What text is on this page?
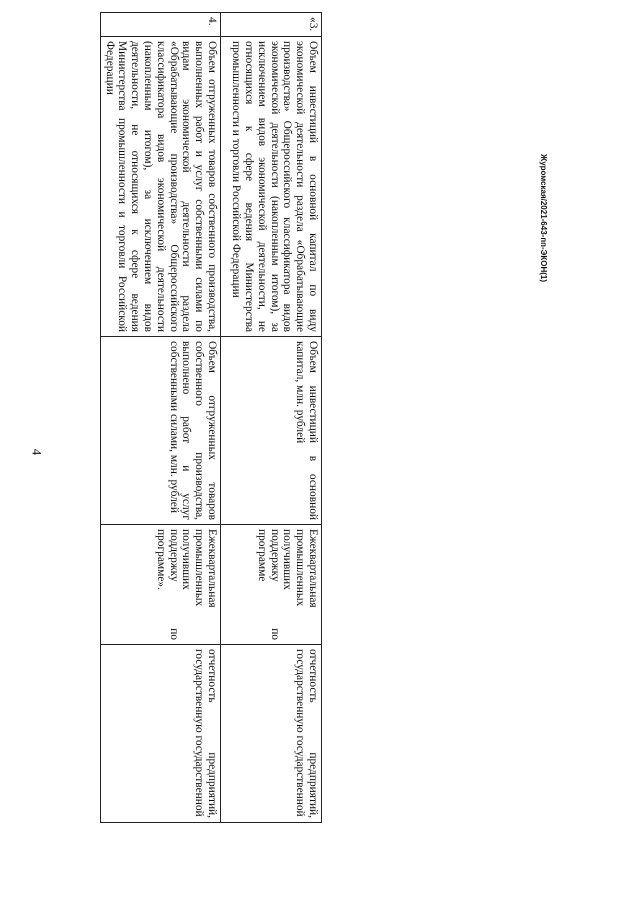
4
Журомская/2021-643-пп-ЭКОН(1)
«3.	Объем инвестиций в основной капитал по виду экономической деятельности раздела «Обрабатывающие производства» Общероссийского классификатора видов экономической деятельности (накопленным итогом), за исключением видов экономической деятельности, не относящихся к сфере ведения Министерства промышленности и торговли Российской Федерации	Объем инвестиций в основной капитал, млн. рублей	Ежеквартальная промышленных получивших поддержку по программе	отчетность предприятий, государственную государственной
4.	Объем отгруженных товаров собственного производства, выполненных работ и услуг собственными силами по видам экономической деятельности раздела «Обрабатывающие производства» Общероссийского классификатора видов экономической деятельности (накопленным итогом), за исключением видов деятельности, не относящихся к сфере ведения Министерства промышленности и торговли Российской Федерации	Объем отгруженных товаров собственного производства, выполнено работ и услуг собственными силами, млн. рублей	Ежеквартальная промышленных получивших поддержку по программе».	отчетность предприятий, государственную государственной
